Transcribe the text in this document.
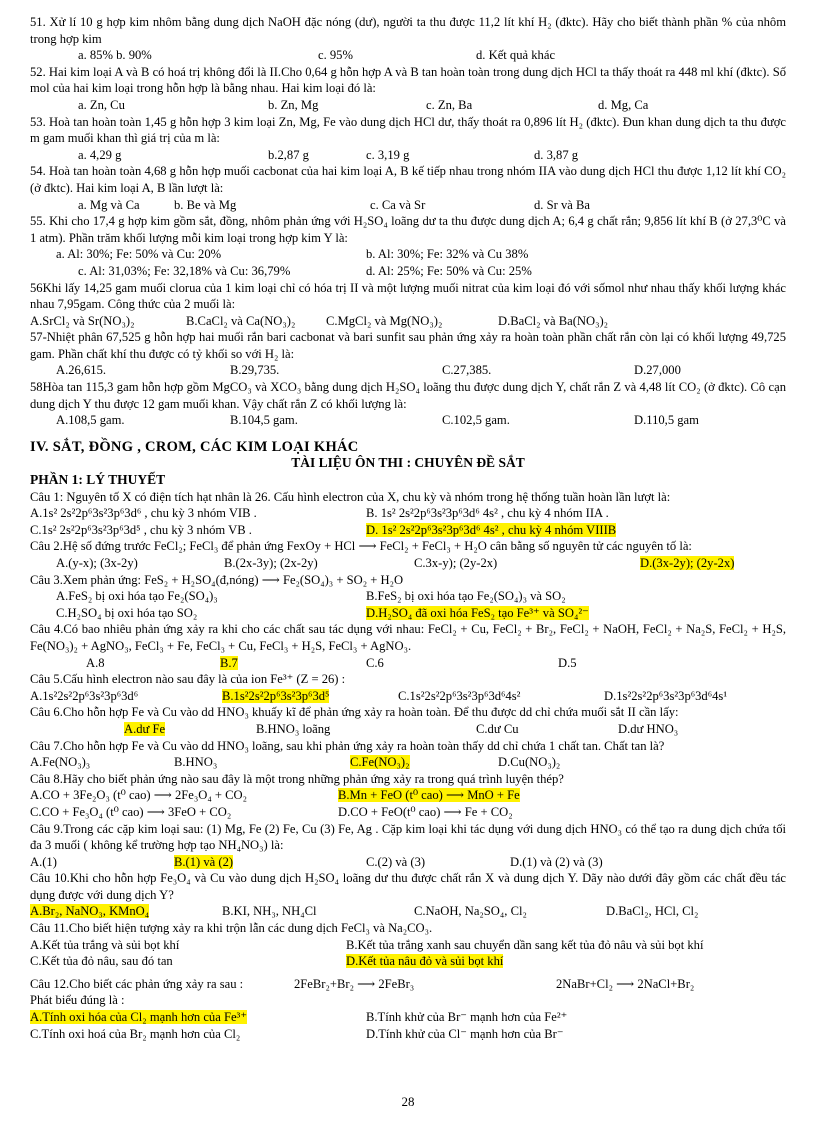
51. Xử lí 10 g hợp kim nhôm bằng dung dịch NaOH đặc nóng (dư), người ta thu được 11,2 lít khí H₂ (đktc). Hãy cho biết thành phần % của nhôm trong hợp kim

a. 85% b. 90%	c. 95%	d. Kết quả khác

52. Hai kim loại A và B có hoá trị không đổi là II.Cho 0,64 g hỗn hợp A và B tan hoàn toàn trong dung dịch HCl ta thấy thoát ra 448 ml khí (đktc). Số mol của hai kim loại trong hỗn hợp là bằng nhau. Hai kim loại đó là:

a. Zn, Cu	b. Zn, Mg	c. Zn, Ba	d. Mg, Ca

53. Hoà tan hoàn toàn 1,45 g hỗn hợp 3 kim loại Zn, Mg, Fe vào dung dịch HCl dư, thấy thoát ra 0,896 lít H₂ (đktc). Đun khan dung dịch ta thu được m gam muối khan thì giá trị của m là:

a. 4,29 g	b.2,87 g	c. 3,19 g	d. 3,87 g

54. Hoà tan hoàn toàn 4,68 g hỗn hợp muối cacbonat của hai kim loại A, B kế tiếp nhau trong nhóm IIA vào dung dịch HCl thu được 1,12 lít khí CO₂ (ở đktc). Hai kim loại A, B lần lượt là:

a. Mg và Ca	b. Be và Mg	c. Ca và Sr	d. Sr và Ba

55. Khi cho 17,4 g hợp kim gồm sắt, đồng, nhôm phản ứng với H₂SO₄ loãng dư ta thu được dung dịch A; 6,4 g chất rắn; 9,856 lít khí B (ở 27,3⁰C và 1 atm). Phần trăm khối lượng mỗi kim loại trong hợp kim Y là:

a. Al: 30%; Fe: 50% và Cu: 20%	b. Al: 30%; Fe: 32% và Cu 38%
c. Al: 31,03%; Fe: 32,18% và Cu: 36,79%	d. Al: 25%; Fe: 50% và Cu: 25%

56Khi lấy 14,25 gam muối clorua của 1 kim loại chỉ có hóa trị II và một lượng muối nitrat của kim loại đó với sốmol như nhau thấy khối lượng khác nhau 7,95gam. Công thức của 2 muối là:

A.SrCl₂ và Sr(NO₃)₂	B.CaCl₂ và Ca(NO₃)₂	C.MgCl₂ và Mg(NO₃)₂	D.BaCl₂ và Ba(NO₃)₂

57-Nhiệt phân 67,525 g hỗn hợp hai muối rắn bari cacbonat và bari sunfit sau phản ứng xảy ra hoàn toàn phần chất rắn còn lại có khối lượng 49,725 gam. Phần chất khí thu được có tỷ khối so với H₂ là:

A.26,615.	B.29,735.	C.27,385.	D.27,000

58Hòa tan 115,3 gam hỗn hợp gồm MgCO₃ và XCO₃ bằng dung dịch H₂SO₄ loãng thu được dung dịch Y, chất rắn Z và 4,48 lít CO₂ (ở đktc). Cô cạn dung dịch Y thu được 12 gam muối khan. Vậy chất rắn Z có khối lượng là:

A.108,5 gam.	B.104,5 gam.	C.102,5 gam.	D.110,5 gam

IV. SẮT, ĐỒNG , CROM, CÁC KIM LOẠI KHÁC

TÀI LIỆU ÔN THI : CHUYÊN ĐỀ SẮT

PHẦN 1: LÝ THUYẾT

Câu 1: Nguyên tố X có điện tích hạt nhân là 26. Cấu hình electron của X, chu kỳ và nhóm trong hệ thống tuần hoàn lần lượt là:

A.1s² 2s²2p⁶3s²3p⁶3d⁶ , chu kỳ 3 nhóm VIB .	B. 1s² 2s²2p⁶3s²3p⁶3d⁶ 4s² , chu kỳ 4 nhóm IIA .
C.1s² 2s²2p⁶3s²3p⁶3d⁵ , chu kỳ 3 nhóm VB .	D. 1s² 2s²2p⁶3s²3p⁶3d⁶ 4s² , chu kỳ 4 nhóm VIIIB

Câu 2.Hệ số đứng trước FeCl₂; FeCl₃ để phản ứng FexOy + HCl ⟶ FeCl₂ + FeCl₃ + H₂O cân bằng số nguyên tử các nguyên tố là:

A.(y-x); (3x-2y)	B.(2x-3y); (2x-2y)	C.3x-y); (2y-2x)	D.(3x-2y); (2y-2x)

Câu 3.Xem phản ứng: FeS₂ + H₂SO₄(đ,nóng) ⟶ Fe₂(SO₄)₃ + SO₂ + H₂O

A.FeS₂ bị oxi hóa tạo Fe₂(SO₄)₃	B.FeS₂ bị oxi hóa tạo Fe₂(SO₄)₃ và SO₂
C.H₂SO₄ bị oxi hóa tạo SO₂	D.H₂SO₄ đã oxi hóa FeS₂ tạo Fe³⁺ và SO₄²⁻

Câu 4.Có bao nhiêu phản ứng xảy ra khi cho các chất sau tác dụng với nhau: FeCl₂ + Cu, FeCl₂ + Br₂, FeCl₂ + NaOH, FeCl₂ + Na₂S, FeCl₂ + H₂S, Fe(NO₃)₂ + AgNO₃, FeCl₃ + Fe, FeCl₃ + Cu, FeCl₃ + H₂S, FeCl₃ + AgNO₃.

A.8	B.7	C.6	D.5

Câu 5.Cấu hình electron nào sau đây là của ion Fe³⁺ (Z = 26) :

A.1s²2s²2p⁶3s²3p⁶3d⁶	B.1s²2s²2p⁶3s²3p⁶3d⁵	C.1s²2s²2p⁶3s²3p⁶3d⁶4s²	D.1s²2s²2p⁶3s²3p⁶3d⁶4s¹

Câu 6.Cho hỗn hợp Fe và Cu vào dd HNO₃ khuấy kĩ để phản ứng xảy ra hoàn toàn. Để thu được dd chỉ chứa muối sắt II cần lấy:

A.dư Fe	B.HNO₃ loãng	C.dư Cu	D.dư HNO₃

Câu 7.Cho hỗn hợp Fe và Cu vào dd HNO₃ loãng, sau khi phản ứng xảy ra hoàn toàn thấy dd chỉ chứa 1 chất tan. Chất tan là?

A.Fe(NO₃)₃	B.HNO₃	C.Fe(NO₃)₂	D.Cu(NO₃)₂

Câu 8.Hãy cho biết phản ứng nào sau đây là một trong những phản ứng xảy ra trong quá trình luyện thép?

A.CO + 3Fe₂O₃ (t⁰ cao) ⟶ 2Fe₃O₄ + CO₂	B.Mn + FeO (t⁰ cao) ⟶ MnO + Fe
C.CO + Fe₃O₄ (t⁰ cao) ⟶ 3FeO + CO₂	D.CO + FeO(t⁰ cao) ⟶ Fe + CO₂

Câu 9.Trong các cặp kim loại sau: (1) Mg, Fe (2) Fe, Cu (3) Fe, Ag . Cặp kim loại khi tác dụng với dung dịch HNO₃ có thể tạo ra dung dịch chứa tối đa 3 muối ( không kể trường hợp tạo NH₄NO₃) là:

A.(1)	B.(1) và (2)	C.(2) và (3)	D.(1) và (2) và (3)

Câu 10.Khi cho hỗn hợp Fe₃O₄ và Cu vào dung dịch H₂SO₄ loãng dư thu được chất rắn X và dung dịch Y. Dãy nào dưới đây gồm các chất đều tác dụng được với dung dịch Y?

A.Br₂, NaNO₃, KMnO₄	B.KI, NH₃, NH₄Cl	C.NaOH, Na₂SO₄, Cl₂	D.BaCl₂, HCl, Cl₂

Câu 11.Cho biết hiện tượng xảy ra khi trộn lẫn các dung dịch FeCl₃ và Na₂CO₃.

A.Kết tủa trắng và sủi bọt khí	B.Kết tủa trắng xanh sau chuyển dần sang kết tủa đỏ nâu và sủi bọt khí
C.Kết tủa đỏ nâu, sau đó tan	D.Kết tủa nâu đỏ và sủi bọt khí
Câu 12.Cho biết các phản ứng xảy ra sau :	2FeBr₂+Br₂ ⟶ 2FeBr₃	2NaBr+Cl₂ ⟶ 2NaCl+Br₂

Phát biểu đúng là :

A.Tính oxi hóa của Cl₂ mạnh hơn của Fe³⁺	B.Tính khử của Br⁻ mạnh hơn của Fe²⁺
C.Tính oxi hoá của Br₂ mạnh hơn của Cl₂	D.Tính khử của Cl⁻ mạnh hơn của Br⁻
28
